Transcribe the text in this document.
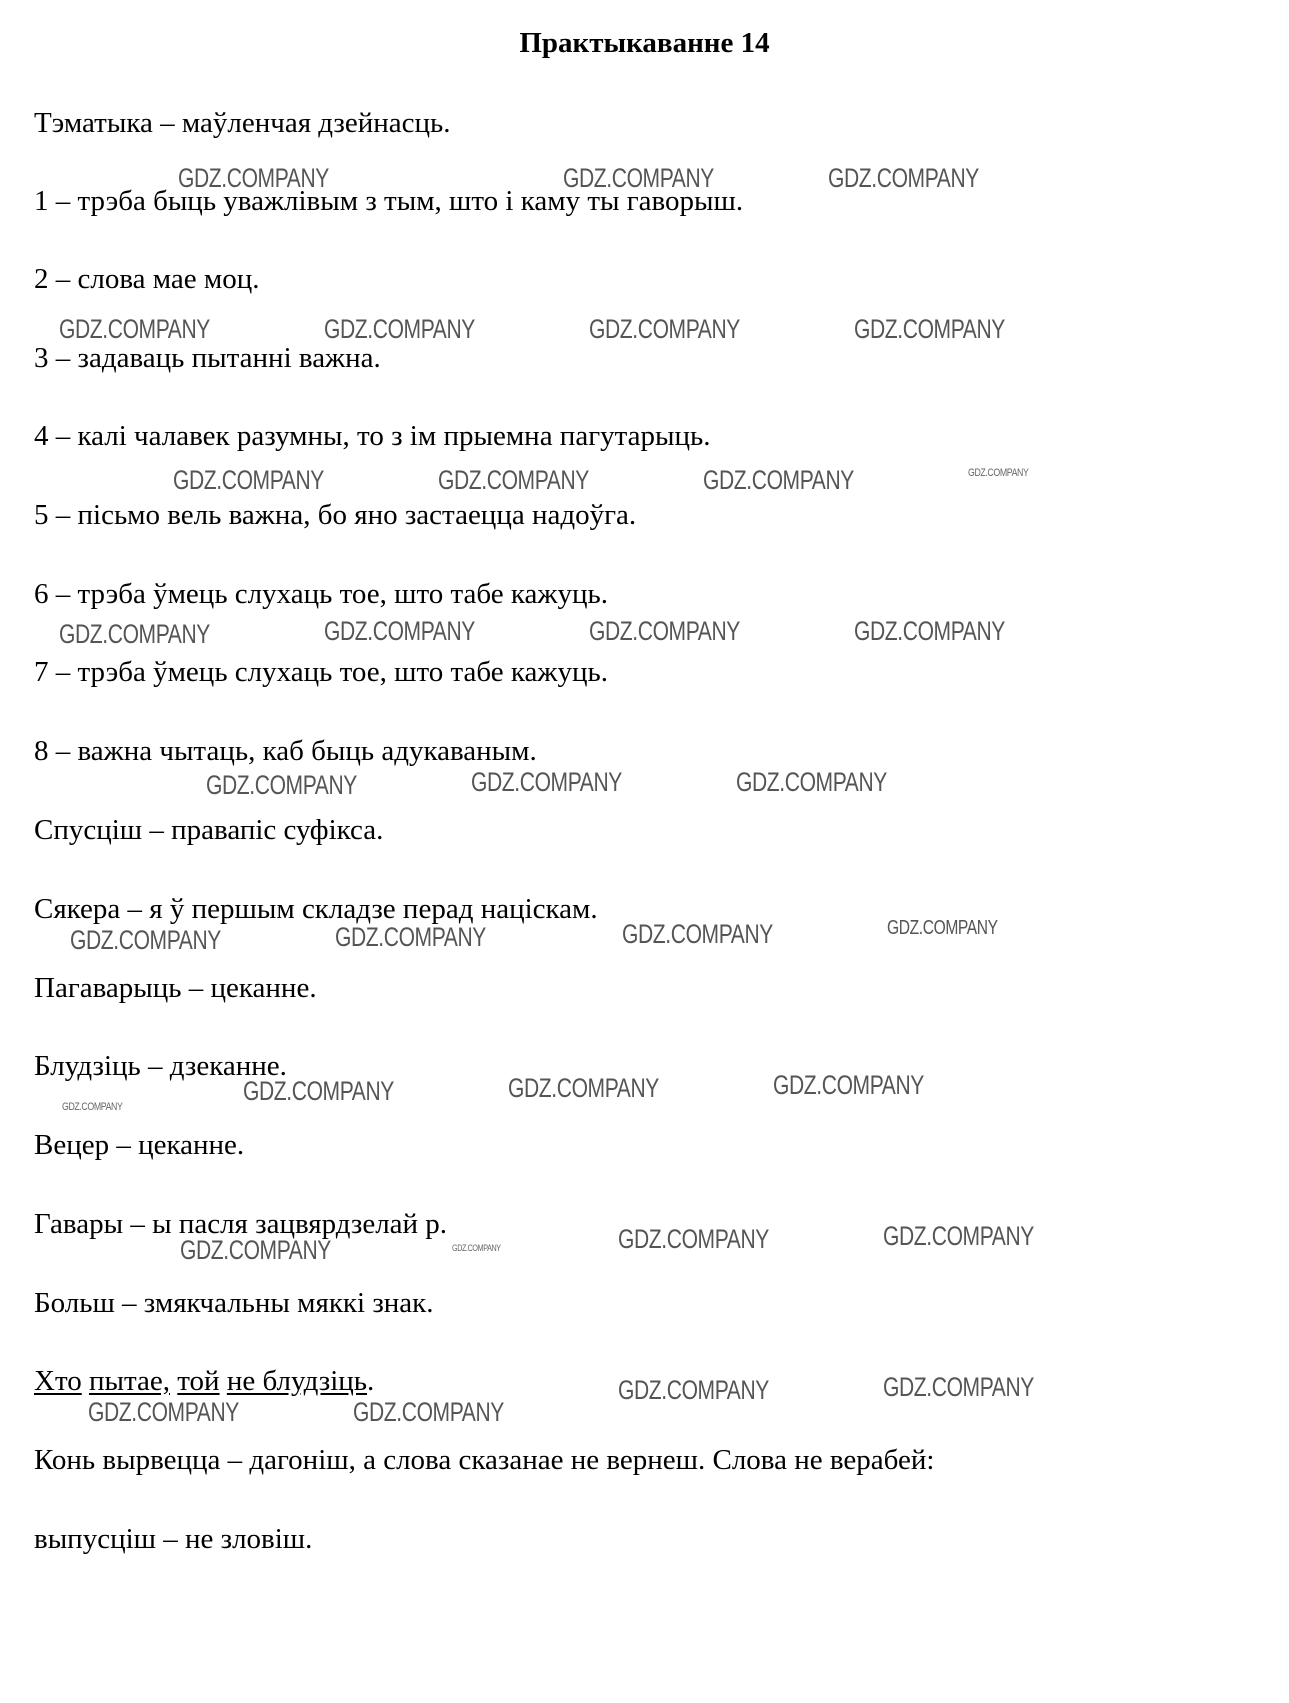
Практыкаванне 14
Тэматыка – маўленчая дзейнасць.
1 – трэба быць уважлівым з тым, што і каму ты гаворыш.
2 – слова мае моц.
3 – задаваць пытанні важна.
4 – калі чалавек разумны, то з ім прыемна пагутарыць.
5 – пісьмо вель важна, бо яно застаецца надоўга.
6 – трэба ўмець слухаць тое, што табе кажуць.
7 – трэба ўмець слухаць тое, што табе кажуць.
8 – важна чытаць, каб быць адукаваным.
Спусціш – правапіс суфікса.
Сякера – я ў першым складзе перад націскам.
Пагаварыць – цеканне.
Блудзіць – дзеканне.
Вецер – цеканне.
Гавары – ы пасля зацвярдзелай р.
Больш – змякчальны мяккі знак.
Хто пытае, той не блудзіць.
Конь вырвецца – дагоніш, а слова сказанае не вернеш. Слова не верабей:
выпусціш – не зловіш.
GDZ.COMPANY	GDZ.COMPANY	GDZ.COMPANY
GDZ.COMPANY	GDZ.COMPANY	GDZ.COMPANY	GDZ.COMPANY
GDZ.COMPANY	GDZ.COMPANY	GDZ.COMPANY	GDZ.COMPANY
GDZ.COMPANY	GDZ.COMPANY	GDZ.COMPANY	GDZ.COMPANY
GDZ.COMPANY	GDZ.COMPANY	GDZ.COMPANY
GDZ.COMPANY	GDZ.COMPANY	GDZ.COMPANY	GDZ.COMPANY
GDZ.COMPANY	GDZ.COMPANY	GDZ.COMPANY
GDZ.COMPANY
GDZ.COMPANY	GDZ.COMPANY	GDZ.COMPANY
GDZ.COMPANY
GDZ.COMPANY	GDZ.COMPANY
GDZ.COMPANY	GDZ.COMPANY
